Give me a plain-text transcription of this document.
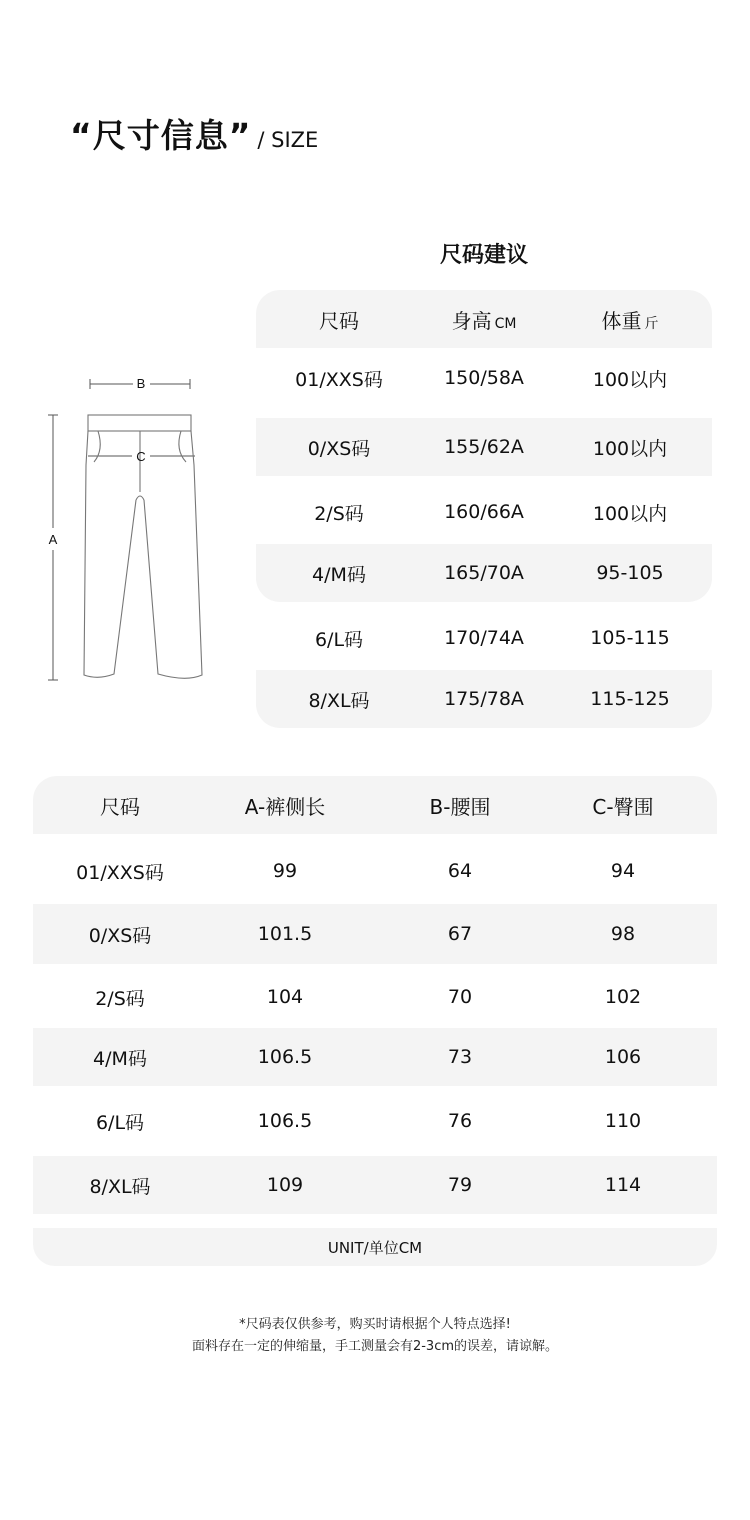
“尺寸信息” / SIZE
尺码建议
尺码	身高 CM	体重 斤
01/XXS码	150/58A	100以内
0/XS码	155/62A	100以内
2/S码	160/66A	100以内
4/M码	165/70A	95-105
6/L码	170/74A	105-115
8/XL码	175/78A	115-125
B
A
C
尺码	A-裤侧长	B-腰围	C-臀围
01/XXS码	99	64	94
0/XS码	101.5	67	98
2/S码	104	70	102
4/M码	106.5	73	106
6/L码	106.5	76	110
8/XL码	109	79	114
UNIT/单位CM
*尺码表仅供参考，购买时请根据个人特点选择!
面料存在一定的伸缩量，手工测量会有2-3cm的误差，请谅解。
